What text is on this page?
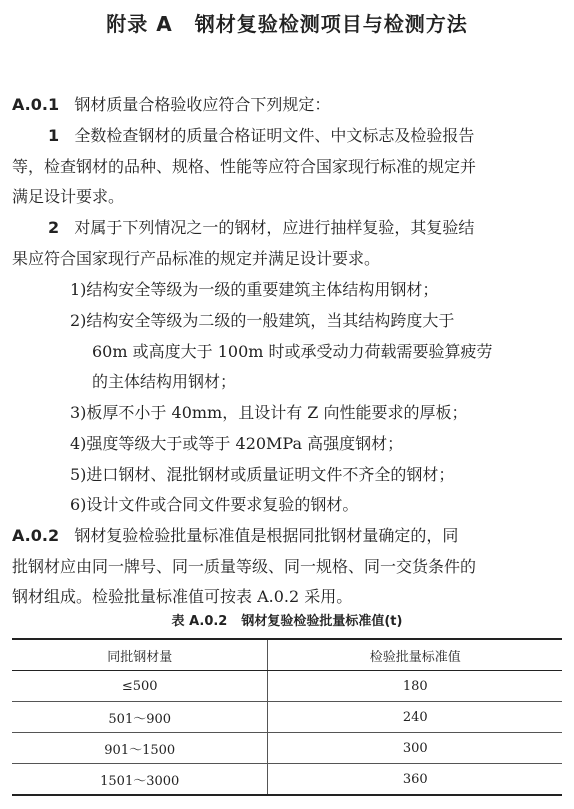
附录 A 钢材复验检测项目与检测方法
A.0.1 钢材质量合格验收应符合下列规定：
1 全数检查钢材的质量合格证明文件、中文标志及检验报告
等，检查钢材的品种、规格、性能等应符合国家现行标准的规定并
满足设计要求。
2 对属于下列情况之一的钢材，应进行抽样复验，其复验结
果应符合国家现行产品标准的规定并满足设计要求。
1)结构安全等级为一级的重要建筑主体结构用钢材；
2)结构安全等级为二级的一般建筑，当其结构跨度大于
60m 或高度大于 100m 时或承受动力荷载需要验算疲劳
的主体结构用钢材；
3)板厚不小于 40mm，且设计有 Z 向性能要求的厚板；
4)强度等级大于或等于 420MPa 高强度钢材；
5)进口钢材、混批钢材或质量证明文件不齐全的钢材；
6)设计文件或合同文件要求复验的钢材。
A.0.2 钢材复验检验批量标准值是根据同批钢材量确定的，同
批钢材应由同一牌号、同一质量等级、同一规格、同一交货条件的
钢材组成。检验批量标准值可按表 A.0.2 采用。
表 A.0.2 钢材复验检验批量标准值(t)
同批钢材量	检验批量标准值
≤500	180
501～900	240
901～1500	300
1501～3000	360
